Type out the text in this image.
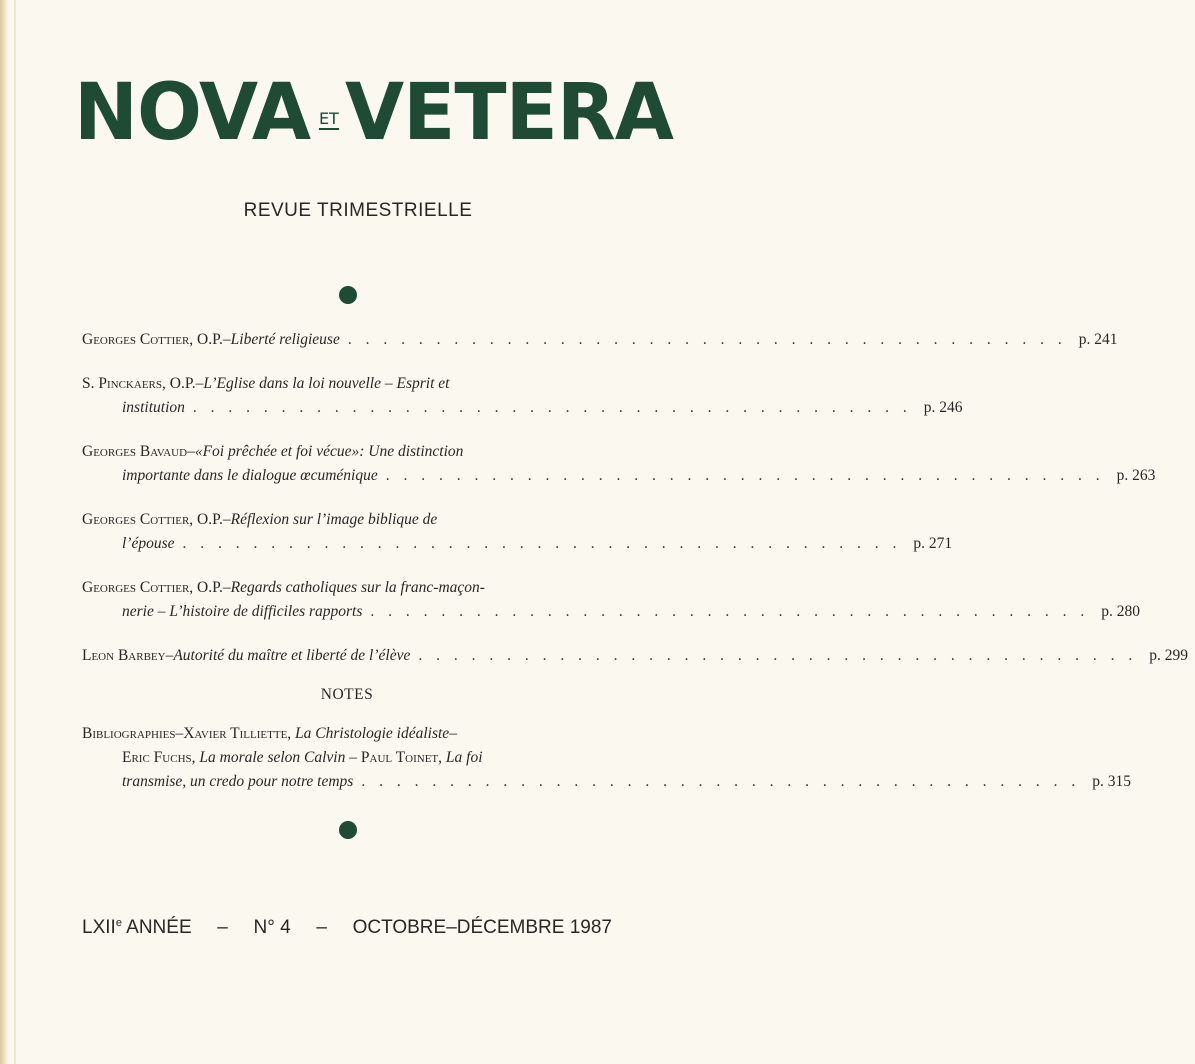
NOVA ET VETERA
REVUE TRIMESTRIELLE
Georges Cottier, O.P. – Liberté religieuse . . . . . . . . . . . . . . . . . . . . . . . . . . . . . . . . . . . . . . . . . p. 241
S. Pinckaers, O.P. – L’Eglise dans la loi nouvelle – Esprit et
institution . . . . . . . . . . . . . . . . . . . . . . . . . . . . . . . . . . . . . . . . . p. 246
Georges Bavaud – «Foi prêchée et foi vécue»: Une distinction
importante dans le dialogue œcuménique . . . . . . . . . . . . . . . . . . . . . . . . . . . . . . . . . . . . . . . . . p. 263
Georges Cottier, O.P. – Réflexion sur l’image biblique de
l’épouse . . . . . . . . . . . . . . . . . . . . . . . . . . . . . . . . . . . . . . . . . p. 271
Georges Cottier, O.P. – Regards catholiques sur la franc-maçon-
nerie – L’histoire de difficiles rapports . . . . . . . . . . . . . . . . . . . . . . . . . . . . . . . . . . . . . . . . . p. 280
Leon Barbey – Autorité du maître et liberté de l’élève . . . . . . . . . . . . . . . . . . . . . . . . . . . . . . . . . . . . . . . . . p. 299
NOTES
Bibliographies – Xavier Tilliette , La Christologie idéaliste –
Eric Fuchs , La morale selon Calvin – Paul Toinet , La foi
transmise, un credo pour notre temps . . . . . . . . . . . . . . . . . . . . . . . . . . . . . . . . . . . . . . . . . p. 315
LXIIe ANNÉE – N° 4 – OCTOBRE–DÉCEMBRE 1987
